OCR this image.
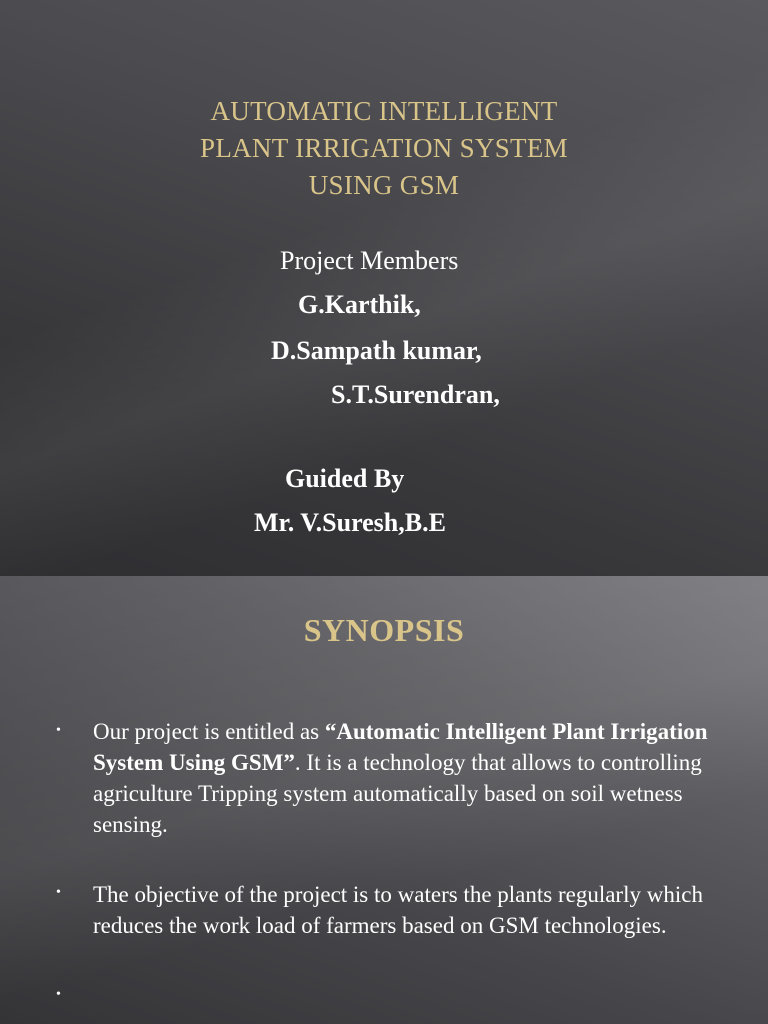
AUTOMATIC INTELLIGENT
PLANT IRRIGATION SYSTEM
USING GSM
Project Members
G.Karthik,
D.Sampath kumar,
S.T.Surendran,
Guided By
Mr. V.Suresh,B.E
SYNOPSIS
• Our project is entitled as “Automatic Intelligent Plant Irrigation System Using GSM”. It is a technology that allows to controlling agriculture Tripping system automatically based on soil wetness sensing.

• The objective of the project is to waters the plants regularly which reduces the work load of farmers based on GSM technologies.

•
